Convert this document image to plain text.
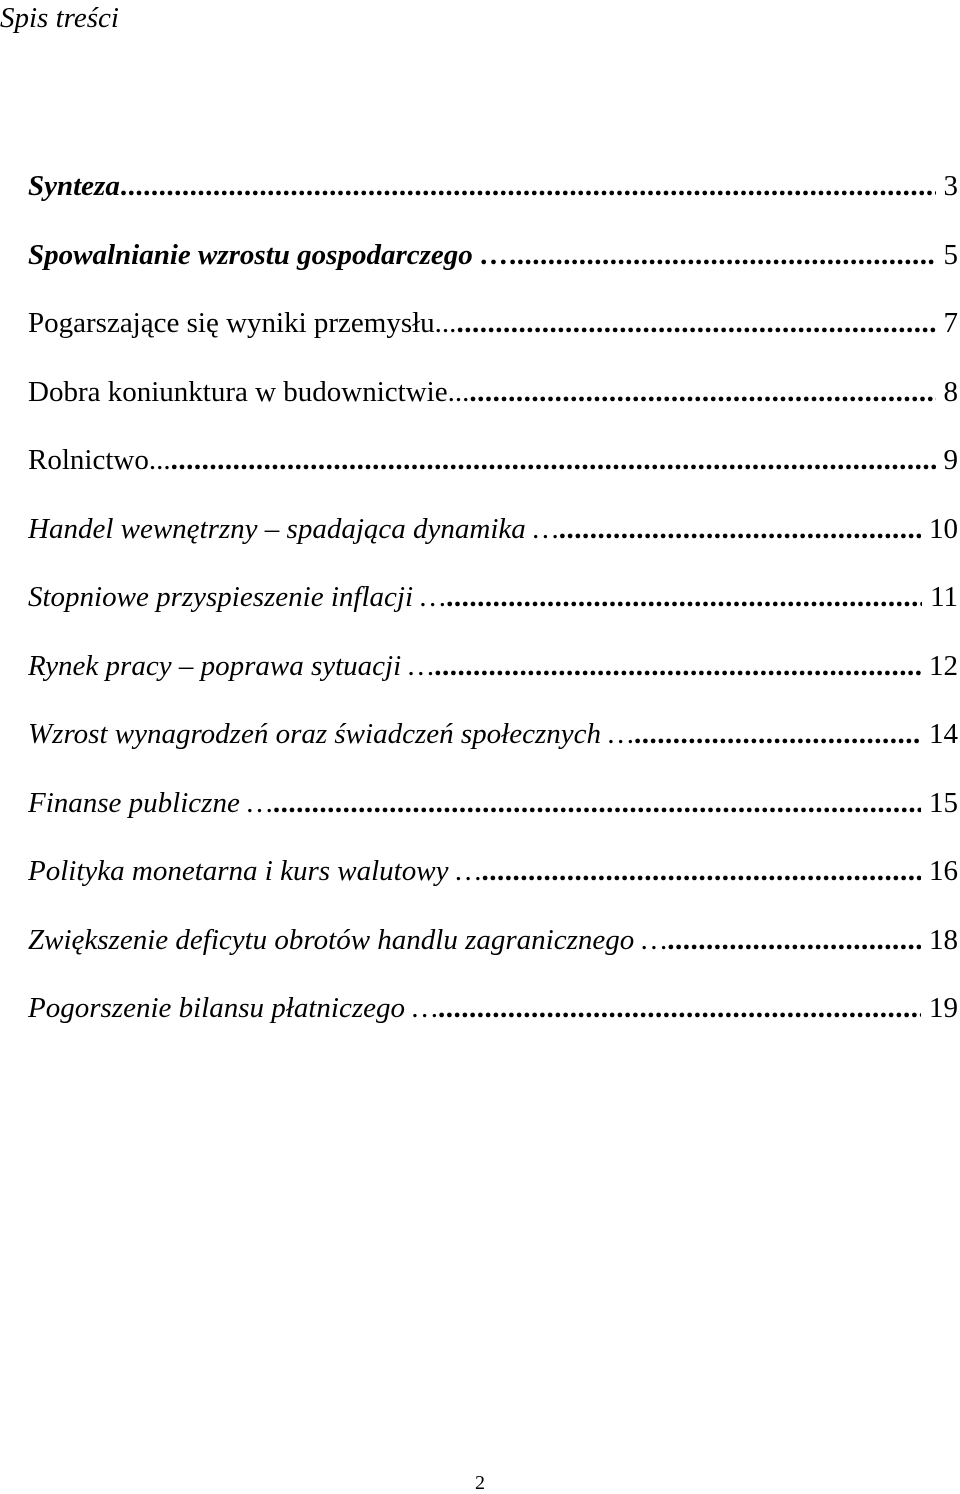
Spis treści
Synteza .....	3
Spowalnianie wzrostu gospodarczego … .....	5
Pogarszające się wyniki przemysłu... .....	7
Dobra koniunktura w budownictwie... .....	8
Rolnictwo... .....	9
Handel wewnętrzny – spadająca dynamika … .....	10
Stopniowe przyspieszenie inflacji … .....	11
Rynek pracy – poprawa sytuacji … .....	12
Wzrost wynagrodzeń oraz świadczeń społecznych … .....	14
Finanse publiczne … .....	15
Polityka monetarna i kurs walutowy … .....	16
Zwiększenie deficytu obrotów handlu zagranicznego … .....	18
Pogorszenie bilansu płatniczego … .....	19
2
